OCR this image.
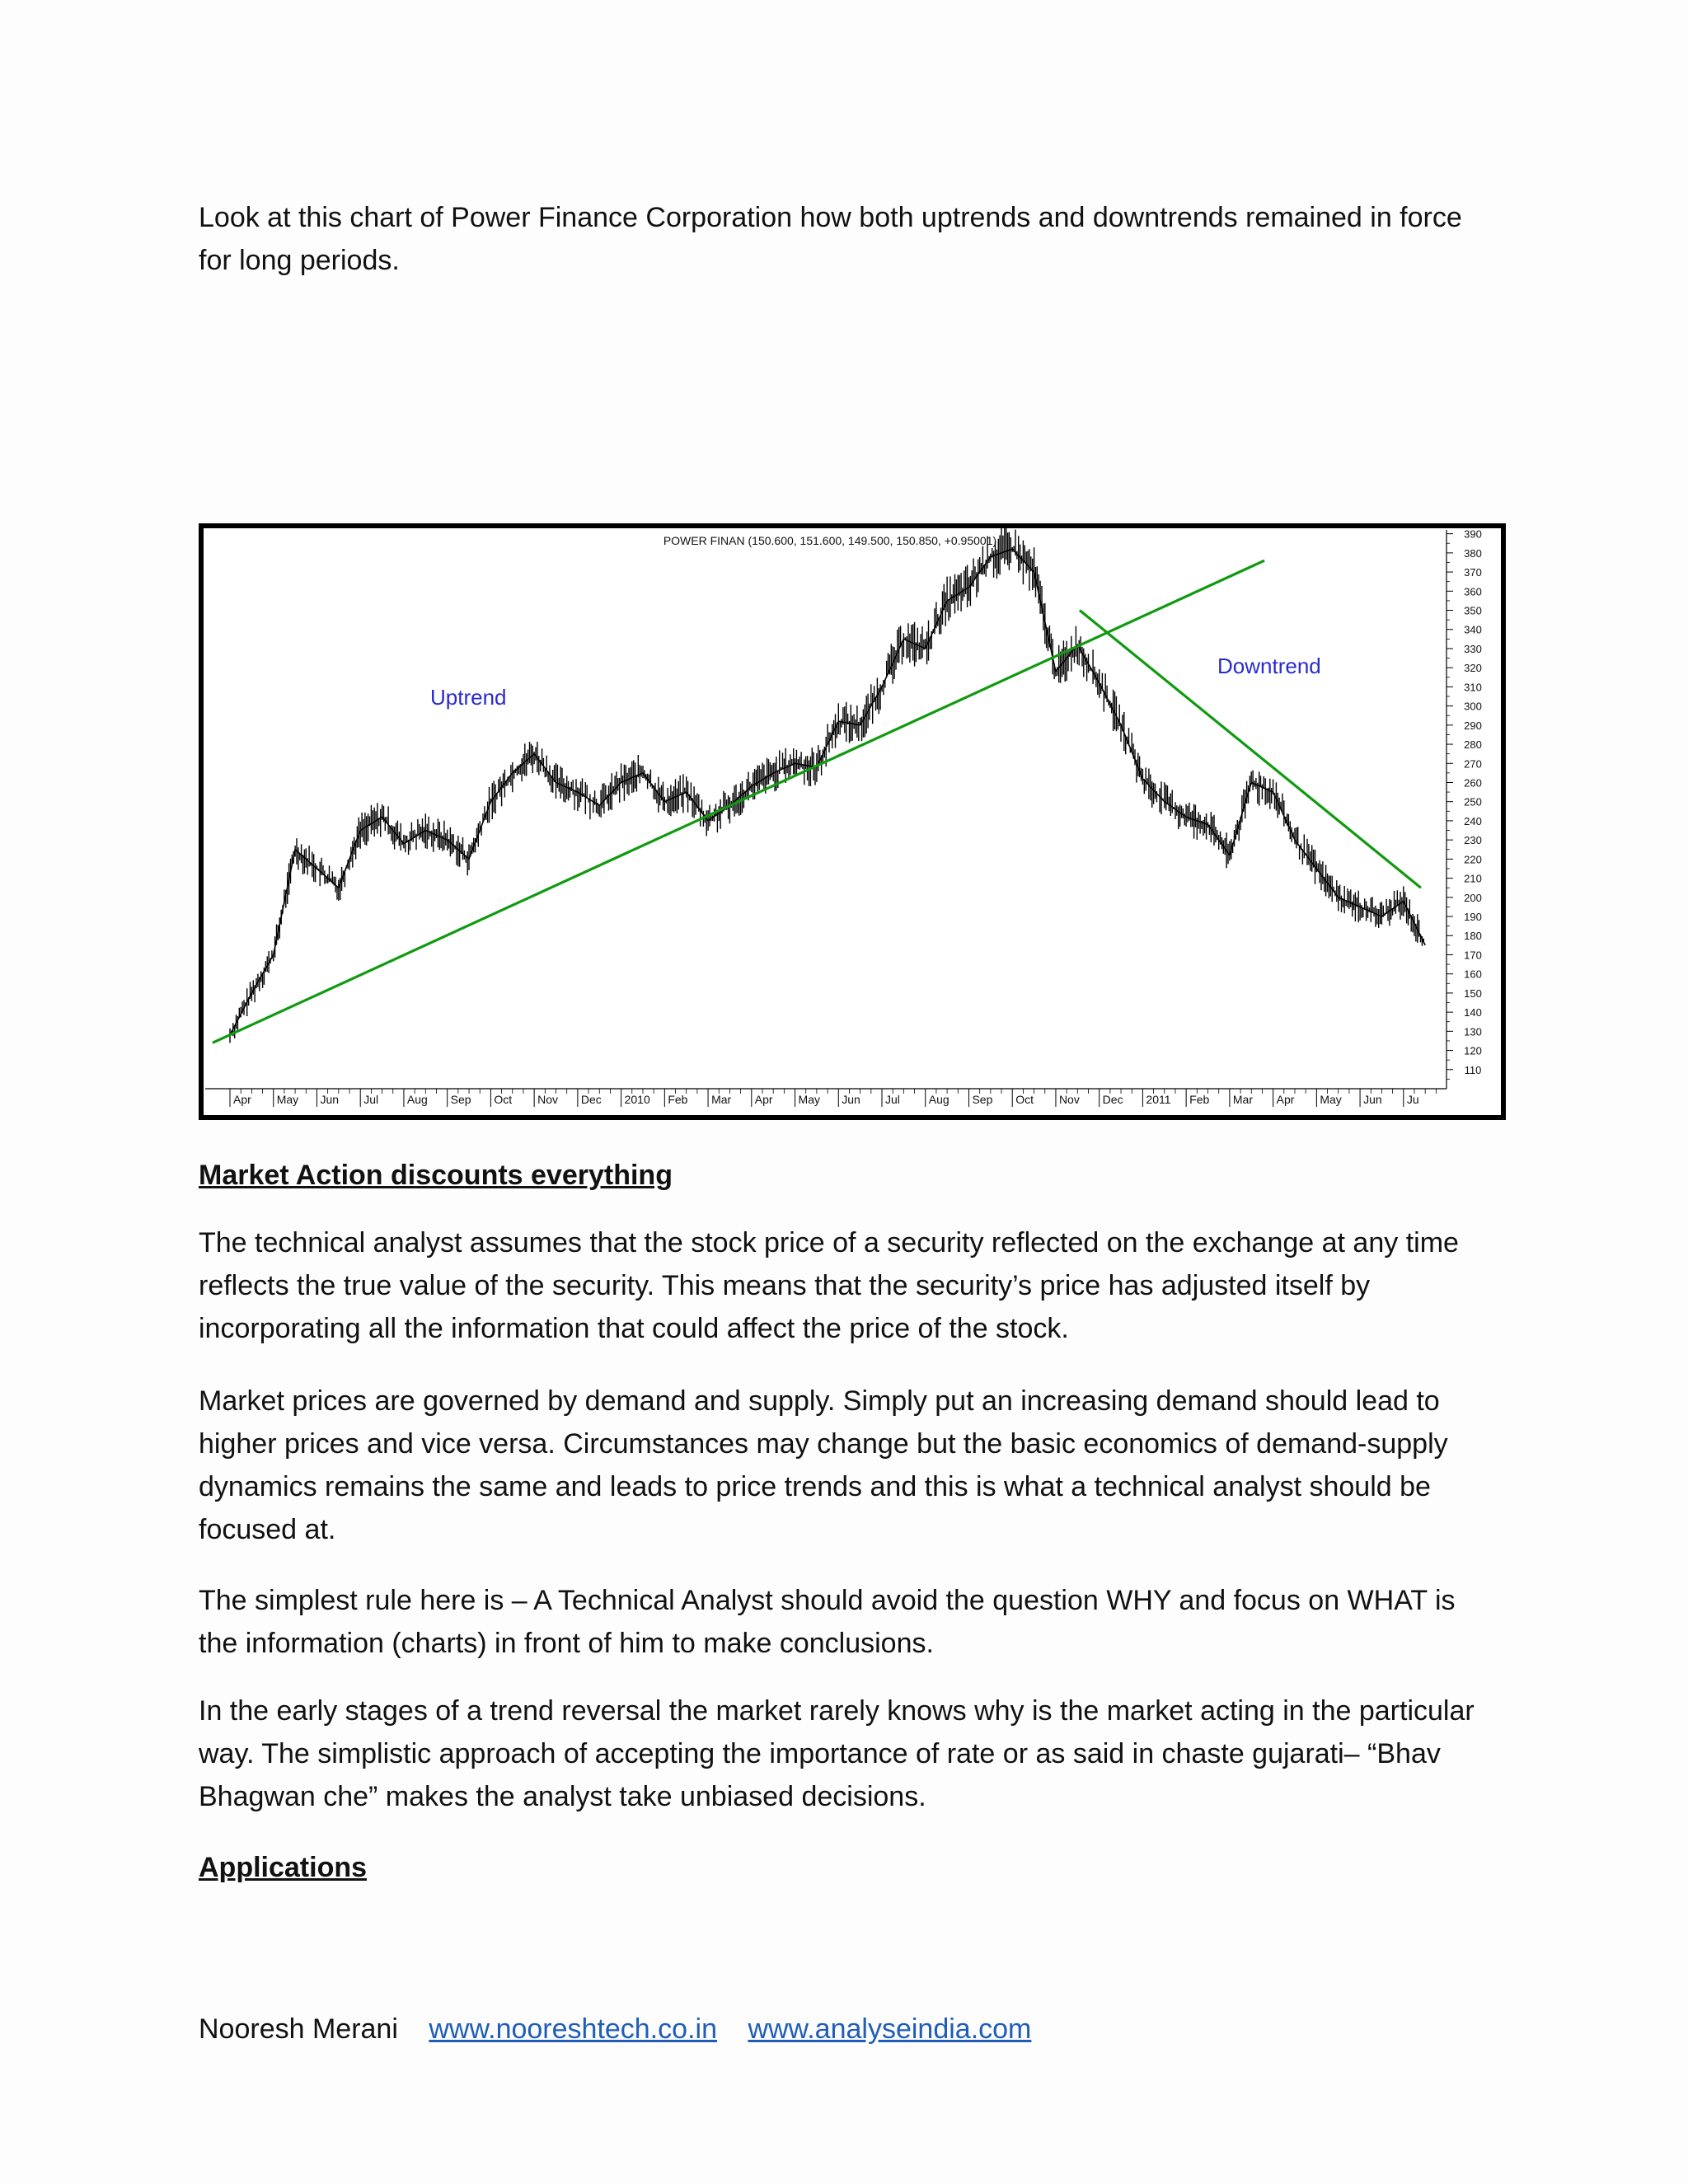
Look at this chart of Power Finance Corporation how both uptrends and downtrends remained in force for long periods.

110
120
130
140
150
160
170
180
190
200
210
220
230
240
250
260
270
280
290
300
310
320
330
340
350
360
370
380
390
Apr May Jun Jul Aug Sep Oct Nov Dec 2010 Feb Mar Apr May Jun Jul Aug Sep Oct Nov Dec 2011 Feb Mar Apr May Jun Ju
POWER FINAN (150.600, 151.600, 149.500, 150.850, +0.95001)
Uptrend
Downtrend

Market Action discounts everything

The technical analyst assumes that the stock price of a security reflected on the exchange at any time reflects the true value of the security. This means that the security’s price has adjusted itself by incorporating all the information that could affect the price of the stock.

Market prices are governed by demand and supply. Simply put an increasing demand should lead to higher prices and vice versa. Circumstances may change but the basic economics of demand-supply dynamics remains the same and leads to price trends and this is what a technical analyst should be focused at.

The simplest rule here is – A Technical Analyst should avoid the question WHY and focus on WHAT is the information (charts) in front of him to make conclusions.

In the early stages of a trend reversal the market rarely knows why is the market acting in the particular way. The simplistic approach of accepting the importance of rate or as said in chaste gujarati– “Bhav Bhagwan che” makes the analyst take unbiased decisions.

Applications

Nooresh Merani www.nooreshtech.co.in www.analyseindia.com
